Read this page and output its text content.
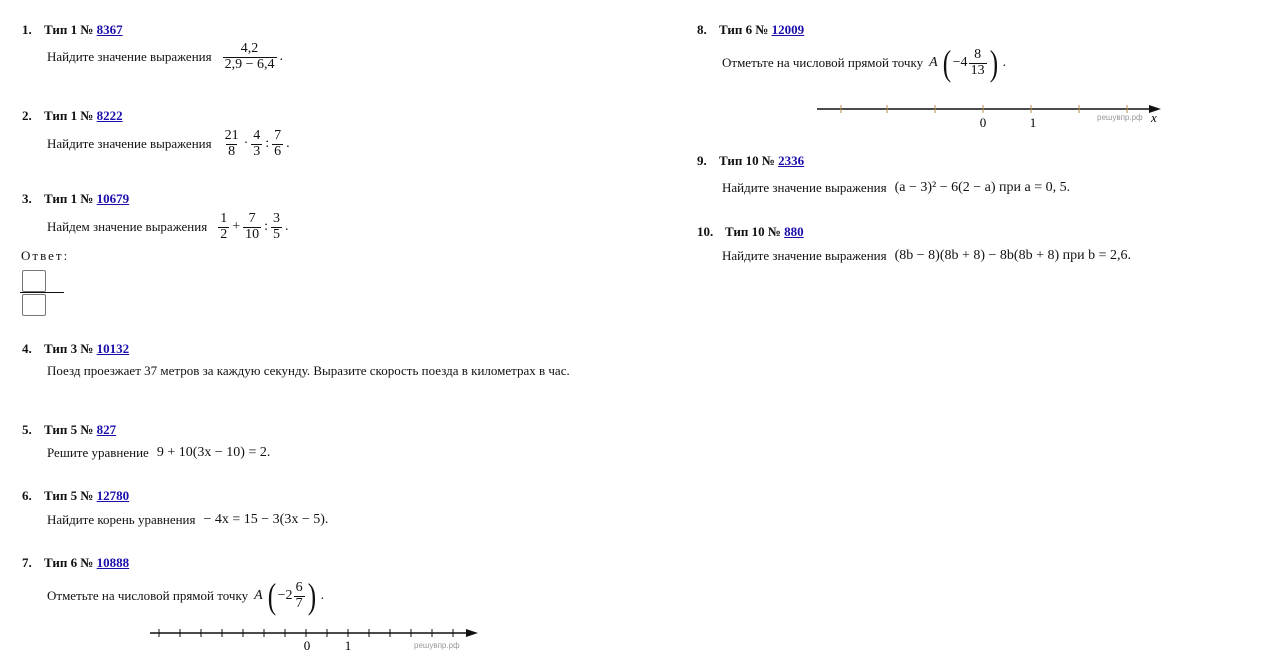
1. Тип 1 № 8367
Найдите значение выражения $\frac{4,2}{2,9 - 6,4}$ .
2. Тип 1 № 8222
Найдите значение выражения $\frac{21}{8} \cdot \frac{4}{3}$ : $\frac{7}{6}$ .
3. Тип 1 № 10679
Найдем значение выражения $\frac{1}{2} + \frac{7}{10}$ : $\frac{3}{5}$ .
Ответ:
4. Тип 3 № 10132
Поезд проезжает 37 метров за каждую секунду. Выразите скорость поезда в километрах в час.
5. Тип 5 № 827
Решите уравнение 9 + 10(3x − 10) = 2.
6. Тип 5 № 12780
Найдите корень уравнения − 4x = 15 − 3(3x − 5).
7. Тип 6 № 10888
Отметьте на числовой прямой точку A ( $-2 \frac{6}{7}$ ) .
0	1	решувпр.рф
8. Тип 6 № 12009
Отметьте на числовой прямой точку A ( $-4 \frac{8}{13}$ ) .
0	1	решувпр.рф x
9. Тип 10 № 2336
Найдите значение выражения (a − 3)² − 6(2 − a) при a = 0, 5.
10. Тип 10 № 880
Найдите значение выражения (8b − 8)(8b + 8) − 8b(8b + 8) при b = 2,6.
